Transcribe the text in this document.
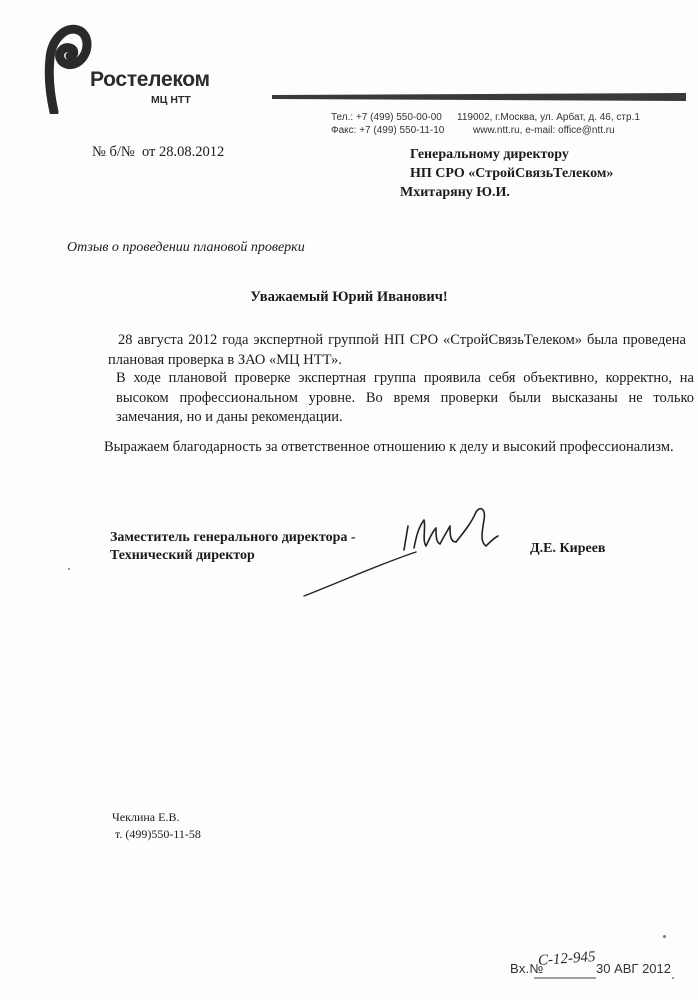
Ростелеком
МЦ НТТ
Тел.: +7 (499) 550-00-00
Факс: +7 (499) 550-11-10
119002, г.Москва, ул. Арбат, д. 46, стр.1
www.ntt.ru, e-mail: office@ntt.ru
№ б/№  от 28.08.2012	Генеральному директору
НП СРО «СтройСвязьТелеком»
Мхитаряну Ю.И.
Отзыв о проведении плановой проверки
Уважаемый Юрий Иванович!

28 августа 2012 года экспертной группой НП СРО «СтройСвязьТелеком» была проведена плановая проверка в ЗАО «МЦ НТТ».

В ходе плановой проверке экспертная группа проявила себя объективно, корректно, на высоком профессиональном уровне. Во время проверки были высказаны не только замечания, но и даны рекомендации.

Выражаем благодарность за ответственное отношению к делу и высокий профессионализм.

Заместитель генерального директора -
Технический директор	Д.Е. Киреев
Чеклина Е.В.
т. (499)550-11-58
Вх.№
С-12-945 30 АВГ 2012
